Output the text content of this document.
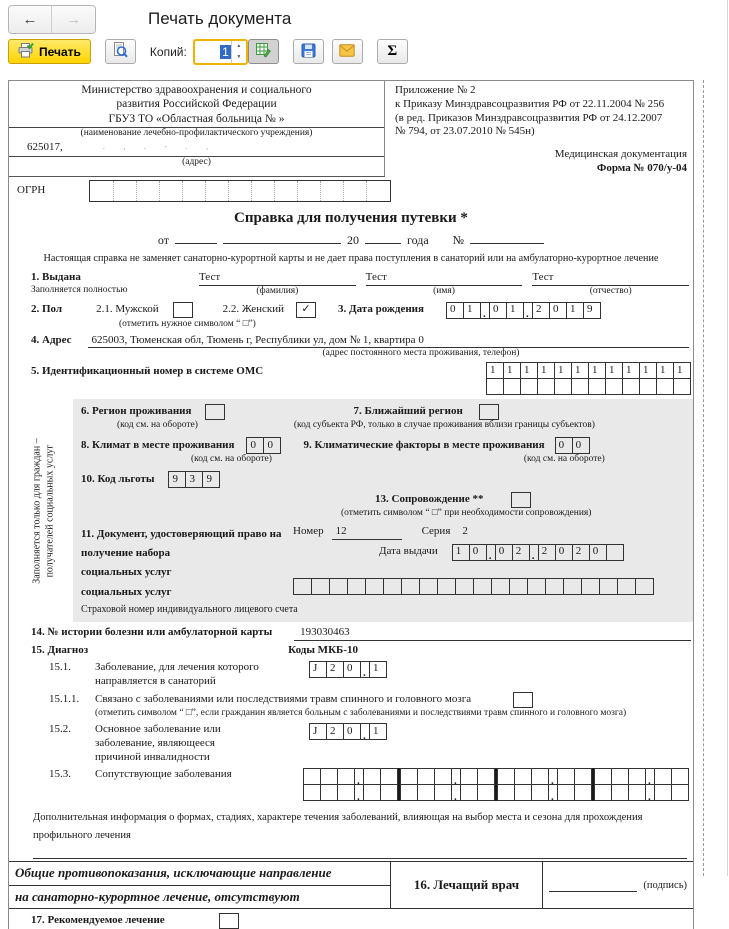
←	→	Печать документа
Печать	Копий:	1	▲
▼	Σ
Министерство здравоохранения и социального
развития Российской Федерации
ГБУЗ ТО «Областная больница № »
(наименование лечебно-профилактического учреждения)
625017,	. , . - . ,
(адрес)
Приложение № 2
к Приказу Минздравсоцразвития РФ от 22.11.2004 № 256
(в ред. Приказов Минздравсоцразвития РФ от 24.12.2007
№ 794, от 23.07.2010 № 545н)
Медицинская документация
Форма № 070/у-04
ОГРН
Справка для получения путевки *
от	20	года №
Настоящая справка не заменяет санаторно-курортной карты и не дает права поступления в санаторий или на амбулаторно-курортное лечение
1. Выдана
Заполняется полностью
Тест
(фамилия)
Тест
(имя)
Тест
(отчество)
2. Пол	2.1. Мужской	2.2. Женский ✓ 3. Дата рождения	0	1 . 0	1 . 2	0	1	9
(отметить нужное символом “ □”)
4. Адрес	625003, Тюменская обл, Тюмень г, Республики ул, дом № 1, квартира 0
(адрес постоянного места проживания, телефон)
5. Идентификационный номер в системе ОМС	1	1	1	1	1	1	1	1	1	1	1	1
Заполняется только для граждан – получателей социальных услуг
6. Регион проживания	7. Ближайший регион
(код см. на обороте)	(код субъекта РФ, только в случае проживания вблизи границы субъектов)
8. Климат в месте проживания	0	0	9. Климатические факторы в месте проживания	0	0
(код см. на обороте)	(код см. на обороте)
10. Код льготы	9	3	9
13. Сопровождение **
(отметить символом “ □” при необходимости сопровождения)
11. Документ, удостоверяющий право на
получение набора
социальных услуг
социальных услуг
Номер	12	Серия 2
Дата выдачи	1	0 . 0	2 . 2	0	2	0
Страховой номер индивидуального лицевого счета
14. № истории болезни или амбулаторной карты	193030463
15. Диагноз	Коды МКБ-10
15.1.	Заболевание, для лечения которого
направляется в санаторий
J	2	0 . 1
15.1.1.	Связано с заболеваниями или последствиями травм спинного и головного мозга
(отметить символом “ □”, если гражданин является больным с заболеваниями и последствиями травм спинного и головного мозга)
15.2.	Основное заболевание или
заболевание, являющееся
причиной инвалидности
J	2	0 . 1
15.3.	Сопутствующие заболевания
.	.	.	.
.	.	.	.
Дополнительная информация о формах, стадиях, характере течения заболеваний, влияющая на выбор места и сезона для прохождения
профильного лечения
Общие противопоказания, исключающие направление
на санаторно-курортное лечение, отсутствуют
16. Лечащий врач	(подпись)
17. Рекомендуемое лечение
